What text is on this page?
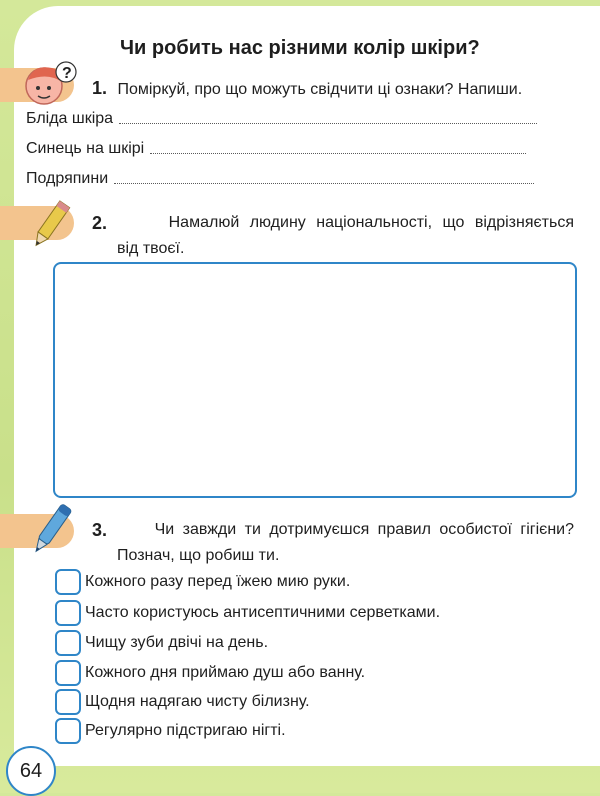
Чи робить нас різними колір шкіри?
?
1. Поміркуй, про що можуть свідчити ці ознаки? Напиши.
Бліда шкіра
Синець на шкірі
Подряпини
2.	Намалюй людину національності, що відрізняється
від твоєї.
3.	Чи завжди ти дотримуєшся правил особистої гігієни?
Познач, що робиш ти.
Кожного разу перед їжею мию руки.
Часто користуюсь антисептичними серветками.
Чищу зуби двічі на день.
Кожного дня приймаю душ або ванну.
Щодня надягаю чисту білизну.
Регулярно підстригаю нігті.
64
